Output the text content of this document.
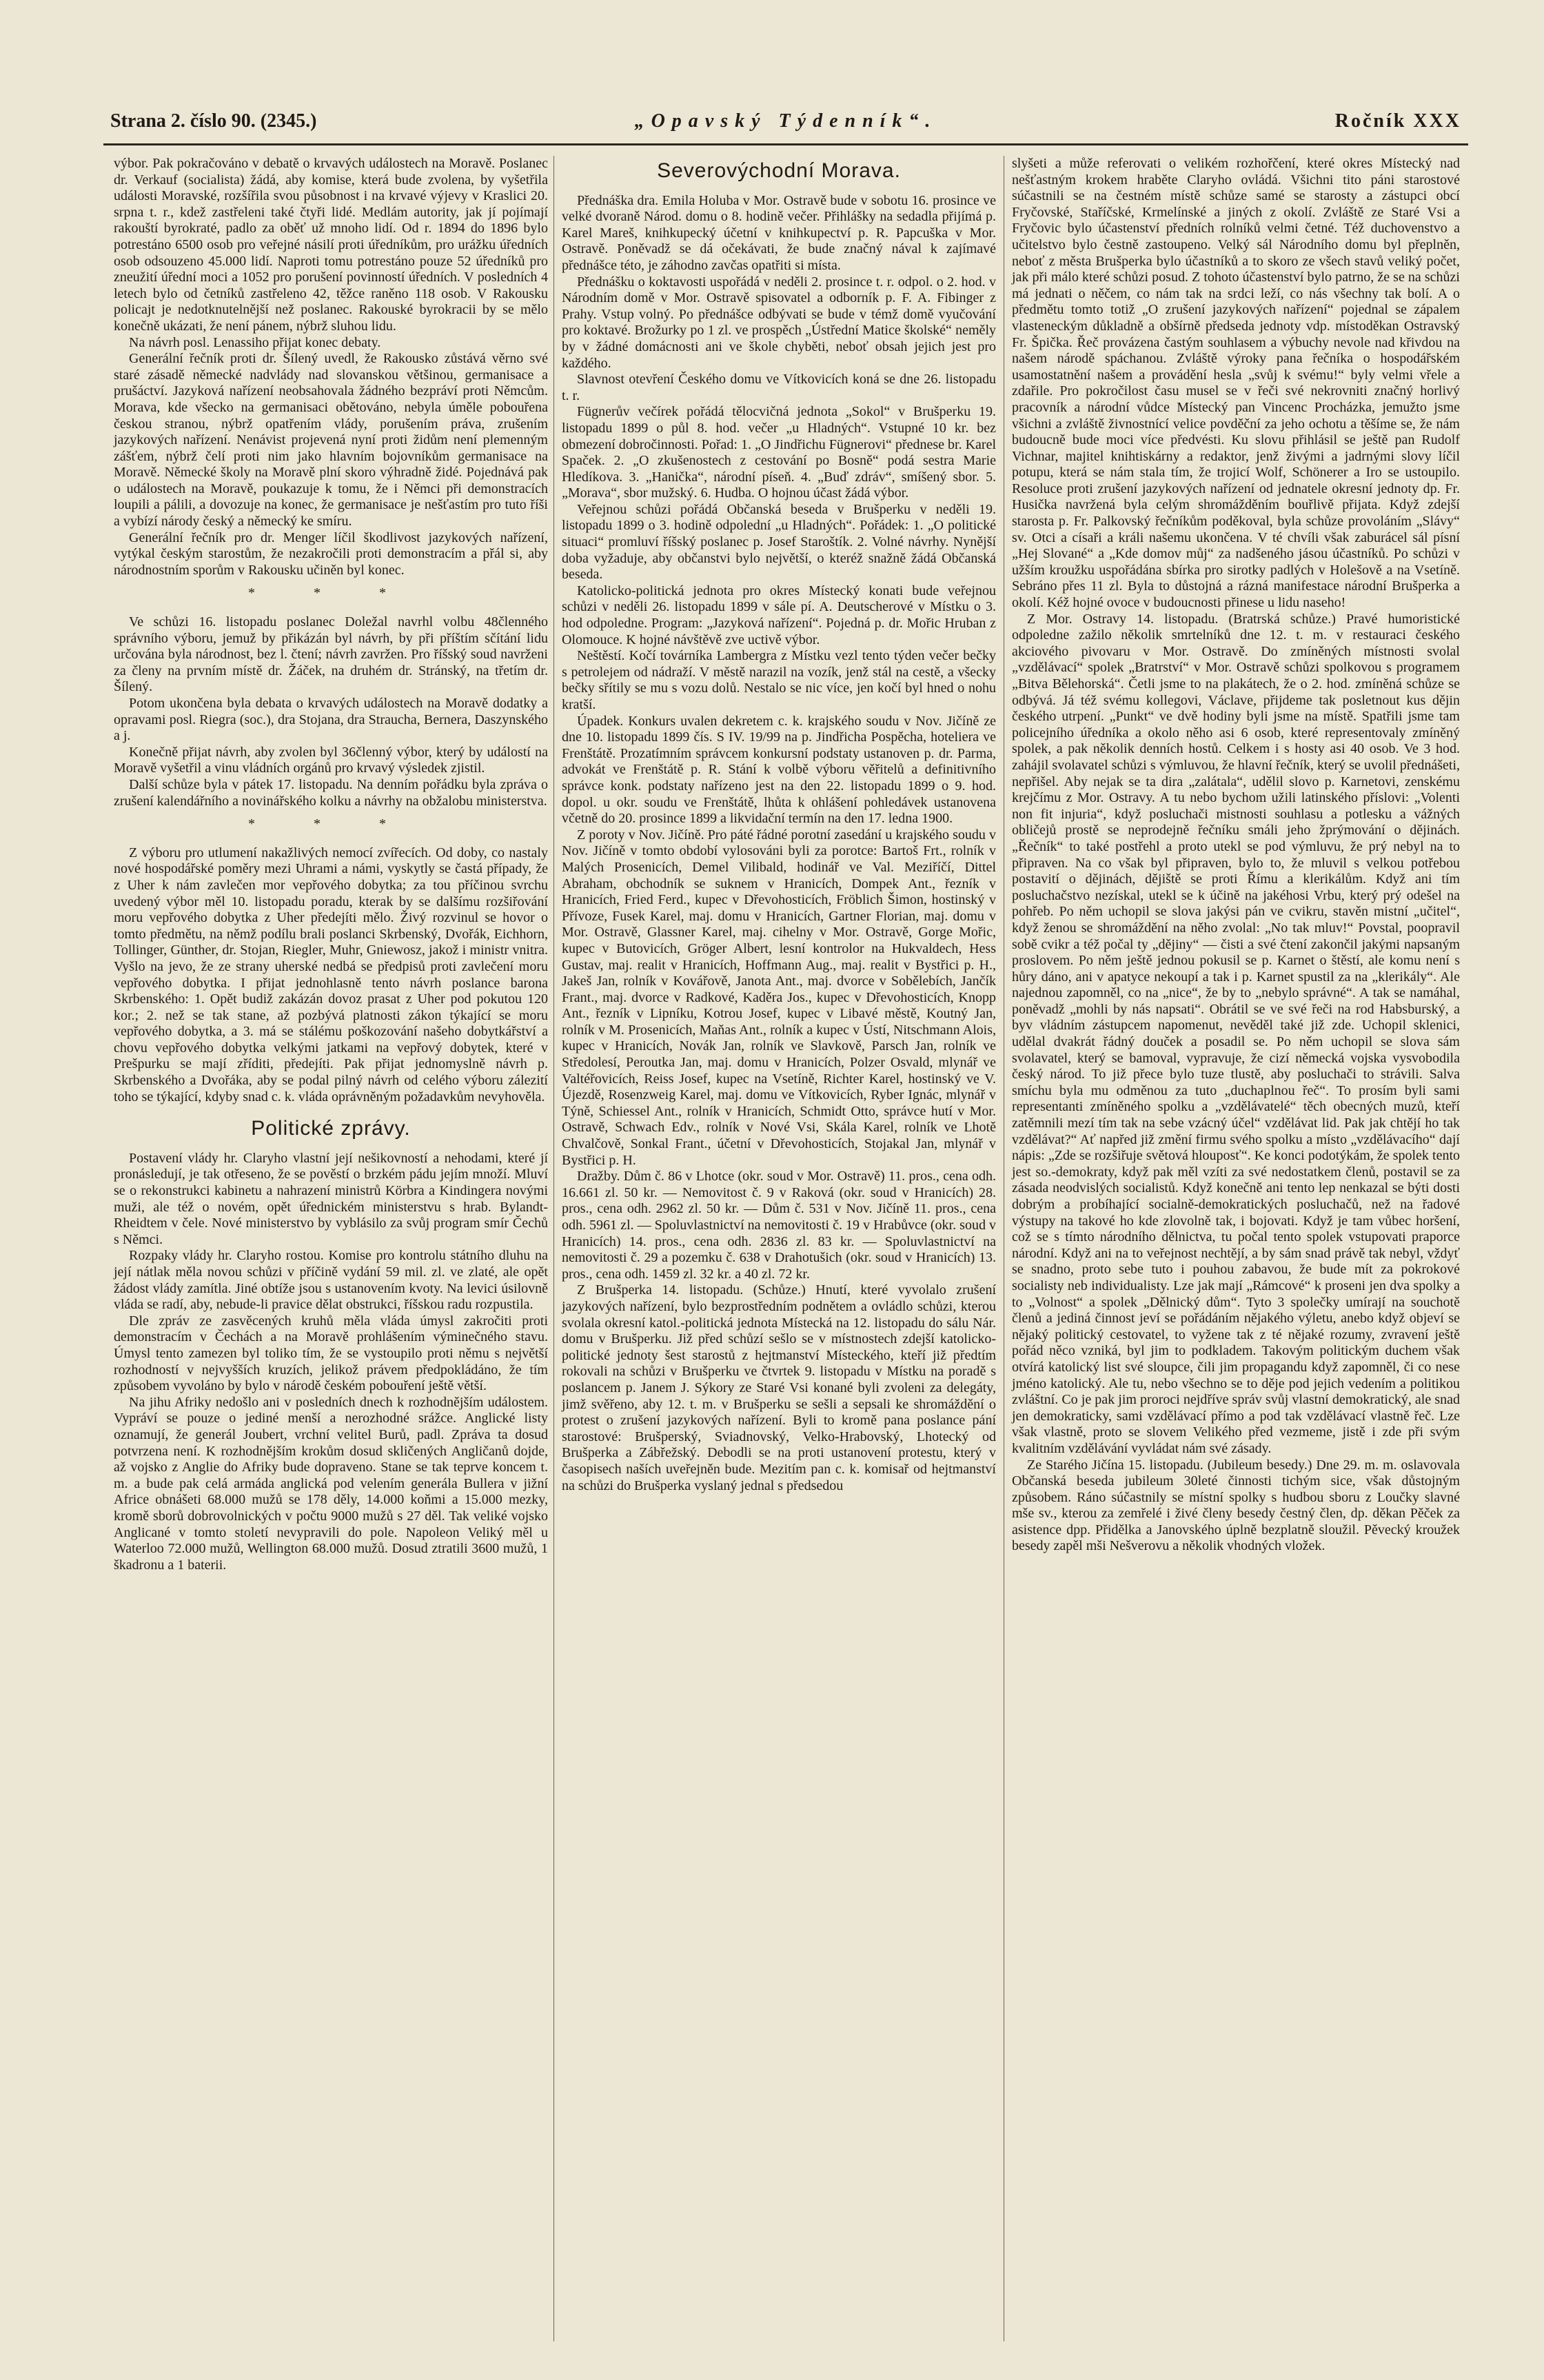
Strana 2. číslo 90. (2345.)	„Opavský Týdenník“.	Ročník XXX

výbor. Pak pokračováno v debatě o krvavých událostech na Moravě. Poslanec dr. Verkauf (socialista) žádá, aby komise, která bude zvolena, by vyšetřila události Moravské, rozšířila svou působnost i na krvavé výjevy v Kraslici 20. srpna t. r., kdež zastřeleni také čtyři lidé. Medlám autority, jak jí pojímají rakouští byrokraté, padlo za oběť už mnoho lidí. Od r. 1894 do 1896 bylo potrestáno 6500 osob pro veřejné násilí proti úředníkům, pro urážku úředních osob odsouzeno 45.000 lidí. Naproti tomu potrestáno pouze 52 úředníků pro zneužití úřední moci a 1052 pro porušení povinností úředních. V posledních 4 letech bylo od četníků zastřeleno 42, těžce raněno 118 osob. V Rakousku policajt je nedotknutelnější než poslanec. Rakouské byrokracii by se mělo konečně ukázati, že není pánem, nýbrž sluhou lidu.

Na návrh posl. Lenassiho přijat konec debaty.

Generální řečník proti dr. Šílený uvedl, že Rakousko zůstává věrno své staré zásadě německé nadvlády nad slovanskou většinou, germanisace a prušáctví. Jazyková nařízení neobsahovala žádného bezpráví proti Němcům. Morava, kde všecko na germanisaci obětováno, nebyla úměle pobouřena českou stranou, nýbrž opatřením vlády, porušením práva, zrušením jazykových nařízení. Nenávist projevená nyní proti židům není plemenným zášťem, nýbrž čelí proti nim jako hlavním bojovníkům germanisace na Moravě. Německé školy na Moravě plní skoro výhradně židé. Pojednává pak o událostech na Moravě, poukazuje k tomu, že i Němci při demonstracích loupili a pálili, a dovozuje na konec, že germanisace je nešťastím pro tuto říši a vybízí národy český a německý ke smíru.

Generální řečník pro dr. Menger líčil škodlivost jazykových nařízení, vytýkal českým starostům, že nezakročili proti demonstracím a přál si, aby národnostním sporům v Rakousku učiněn byl konec.

* * *

Ve schůzi 16. listopadu poslanec Doležal navrhl volbu 48členného správního výboru, jemuž by přikázán byl návrh, by při příštím sčítání lidu určována byla národnost, bez l. čtení; návrh zavržen. Pro říšský soud navrženi za členy na prvním místě dr. Žáček, na druhém dr. Stránský, na třetím dr. Šílený.

Potom ukončena byla debata o krvavých událostech na Moravě dodatky a opravami posl. Riegra (soc.), dra Stojana, dra Straucha, Bernera, Daszynského a j.

Konečně přijat návrh, aby zvolen byl 36členný výbor, který by událostí na Moravě vyšetřil a vinu vládních orgánů pro krvavý výsledek zjistil.

Další schůze byla v pátek 17. listopadu. Na denním pořádku byla zpráva o zrušení kalendářního a novinářského kolku a návrhy na obžalobu ministerstva.

* * *

Z výboru pro utlumení nakažlivých nemocí zvířecích. Od doby, co nastaly nové hospodářské poměry mezi Uhrami a námi, vyskytly se častá případy, že z Uher k nám zavlečen mor vepřového dobytka; za tou příčinou svrchu uvedený výbor měl 10. listopadu poradu, kterak by se dalšímu rozšiřování moru vepřového dobytka z Uher předejíti mělo. Živý rozvinul se hovor o tomto předmětu, na němž podílu brali poslanci Skrbenský, Dvořák, Eichhorn, Tollinger, Günther, dr. Stojan, Riegler, Muhr, Gniewosz, jakož i ministr vnitra. Vyšlo na jevo, že ze strany uherské nedbá se předpisů proti zavlečení moru vepřového dobytka. I přijat jednohlasně tento návrh poslance barona Skrbenského: 1. Opět budiž zakázán dovoz prasat z Uher pod pokutou 120 kor.; 2. než se tak stane, až pozbývá platnosti zákon týkající se moru vepřového dobytka, a 3. má se stálému poškozování našeho dobytkářství a chovu vepřového dobytka velkými jatkami na vepřový dobytek, které v Prešpurku se mají zříditi, předejíti. Pak přijat jednomyslně návrh p. Skrbenského a Dvořáka, aby se podal pilný návrh od celého výboru zálezití toho se týkající, kdyby snad c. k. vláda oprávněným požadavkům nevyhověla.

Politické zprávy.

Postavení vlády hr. Claryho vlastní její nešikovností a nehodami, které jí pronásledují, je tak otřeseno, že se pověstí o brzkém pádu jejím množí. Mluví se o rekonstrukci kabinetu a nahrazení ministrů Körbra a Kindingera novými muži, ale též o novém, opět úřednickém ministerstvu s hrab. Bylandt-Rheidtem v čele. Nové ministerstvo by vyblásilo za svůj program smír Čechů s Němci.

Rozpaky vlády hr. Claryho rostou. Komise pro kontrolu státního dluhu na její nátlak měla novou schůzi v příčině vydání 59 mil. zl. ve zlaté, ale opět žádost vlády zamítla. Jiné obtíže jsou s ustanovením kvoty. Na levici úsilovně vláda se radí, aby, nebude-li pravice dělat obstrukci, říšskou radu rozpustila.

Dle zpráv ze zasvěcených kruhů měla vláda úmysl zakročiti proti demonstracím v Čechách a na Moravě prohlášením výminečného stavu. Úmysl tento zamezen byl toliko tím, že se vystoupilo proti němu s největší rozhodností v nejvyšších kruzích, jelikož právem předpokládáno, že tím způsobem vyvoláno by bylo v národě českém pobouření ještě větší.

Na jihu Afriky nedošlo ani v posledních dnech k rozhodnějším událostem. Vypráví se pouze o jediné menší a nerozhodné srážce. Anglické listy oznamují, že generál Joubert, vrchní velitel Burů, padl. Zpráva ta dosud potvrzena není. K rozhodnějším krokům dosud skličených Angličanů dojde, až vojsko z Anglie do Afriky bude dopraveno. Stane se tak teprve koncem t. m. a bude pak celá armáda anglická pod velením generála Bullera v jižní Africe obnášeti 68.000 mužů se 178 děly, 14.000 koňmi a 15.000 mezky, kromě sborů dobrovolnických v počtu 9000 mužů s 27 děl. Tak veliké vojsko Anglicané v tomto století nevypravili do pole. Napoleon Veliký měl u Waterloo 72.000 mužů, Wellington 68.000 mužů. Dosud ztratili 3600 mužů, 1 škadronu a 1 baterii.

Severovýchodní Morava.

Přednáška dra. Emila Holuba v Mor. Ostravě bude v sobotu 16. prosince ve velké dvoraně Národ. domu o 8. hodině večer. Přihlášky na sedadla přijímá p. Karel Mareš, knihkupecký účetní v knihkupectví p. R. Papcuška v Mor. Ostravě. Poněvadž se dá očekávati, že bude značný nával k zajímavé přednášce této, je záhodno zavčas opatřiti si místa.

Přednášku o koktavosti uspořádá v neděli 2. prosince t. r. odpol. o 2. hod. v Národním domě v Mor. Ostravě spisovatel a odborník p. F. A. Fibinger z Prahy. Vstup volný. Po přednášce odbývati se bude v témž domě vyučování pro koktavé. Brožurky po 1 zl. ve prospěch „Ústřední Matice školské“ neměly by v žádné domácnosti ani ve škole chyběti, neboť obsah jejich jest pro každého.

Slavnost otevření Českého domu ve Vítkovicích koná se dne 26. listopadu t. r.

Fügnerův večírek pořádá tělocvičná jednota „Sokol“ v Brušperku 19. listopadu 1899 o půl 8. hod. večer „u Hladných“. Vstupné 10 kr. bez obmezení dobročinnosti. Pořad: 1. „O Jindřichu Fügnerovi“ přednese br. Karel Spaček. 2. „O zkušenostech z cestování po Bosně“ podá sestra Marie Hledíkova. 3. „Hanička“, národní píseň. 4. „Buď zdráv“, smíšený sbor. 5. „Morava“, sbor mužský. 6. Hudba. O hojnou účast žádá výbor.

Veřejnou schůzi pořádá Občanská beseda v Brušperku v neděli 19. listopadu 1899 o 3. hodině odpolední „u Hladných“. Pořádek: 1. „O politické situaci“ promluví říšský poslanec p. Josef Staroštík. 2. Volné návrhy. Nynější doba vyžaduje, aby občanstvi bylo největší, o kteréž snažně žádá Občanská beseda.

Katolicko-politická jednota pro okres Místecký konati bude veřejnou schůzi v neděli 26. listopadu 1899 v sále pí. A. Deutscherové v Místku o 3. hod odpoledne. Program: „Jazyková nařízení“. Pojedná p. dr. Mořic Hruban z Olomouce. K hojné návštěvě zve uctivě výbor.

Neštěstí. Kočí továrníka Lambergra z Místku vezl tento týden večer bečky s petrolejem od nádraží. V městě narazil na vozík, jenž stál na cestě, a všecky bečky sřítily se mu s vozu dolů. Nestalo se nic více, jen kočí byl hned o nohu kratší.

Úpadek. Konkurs uvalen dekretem c. k. krajského soudu v Nov. Jičíně ze dne 10. listopadu 1899 čís. S IV. 19/99 na p. Jindřicha Pospěcha, hoteliera ve Frenštátě. Prozatímním správcem konkursní podstaty ustanoven p. dr. Parma, advokát ve Frenštátě p. R. Stání k volbě výboru věřitelů a definitivního správce konk. podstaty nařízeno jest na den 22. listopadu 1899 o 9. hod. dopol. u okr. soudu ve Frenštátě, lhůta k ohlášení pohledávek ustanovena včetně do 20. prosince 1899 a likvidační termín na den 17. ledna 1900.

Z poroty v Nov. Jičíně. Pro páté řádné porotní zasedání u krajského soudu v Nov. Jičíně v tomto období vylosováni byli za porotce: Bartoš Frt., rolník v Malých Prosenicích, Demel Vilibald, hodinář ve Val. Meziříčí, Dittel Abraham, obchodník se suknem v Hranicích, Dompek Ant., řezník v Hranicích, Fried Ferd., kupec v Dřevohosticích, Fröblich Šimon, hostinský v Přívoze, Fusek Karel, maj. domu v Hranicích, Gartner Florian, maj. domu v Mor. Ostravě, Glassner Karel, maj. cihelny v Mor. Ostravě, Gorge Mořic, kupec v Butovicích, Gröger Albert, lesní kontrolor na Hukvaldech, Hess Gustav, maj. realit v Hranicích, Hoffmann Aug., maj. realit v Bystřici p. H., Jakeš Jan, rolník v Kovářově, Janota Ant., maj. dvorce v Sobělebích, Jančík Frant., maj. dvorce v Radkové, Kaděra Jos., kupec v Dřevohosticích, Knopp Ant., řezník v Lipníku, Kotrou Josef, kupec v Libavé městě, Koutný Jan, rolník v M. Prosenicích, Maňas Ant., rolník a kupec v Ústí, Nitschmann Alois, kupec v Hranicích, Novák Jan, rolník ve Slavkově, Parsch Jan, rolník ve Středolesí, Peroutka Jan, maj. domu v Hranicích, Polzer Osvald, mlynář ve Valtéřovicích, Reiss Josef, kupec na Vsetíně, Richter Karel, hostinský ve V. Újezdě, Rosenzweig Karel, maj. domu ve Vítkovicích, Ryber Ignác, mlynář v Týně, Schiessel Ant., rolník v Hranicích, Schmidt Otto, správce hutí v Mor. Ostravě, Schwach Edv., rolník v Nové Vsi, Skála Karel, rolník ve Lhotě Chvalčově, Sonkal Frant., účetní v Dřevohosticích, Stojakal Jan, mlynář v Bystřici p. H.

Dražby. Dům č. 86 v Lhotce (okr. soud v Mor. Ostravě) 11. pros., cena odh. 16.661 zl. 50 kr. — Nemovitost č. 9 v Raková (okr. soud v Hranicích) 28. pros., cena odh. 2962 zl. 50 kr. — Dům č. 531 v Nov. Jičíně 11. pros., cena odh. 5961 zl. — Spoluvlastnictví na nemovitosti č. 19 v Hrabůvce (okr. soud v Hranicích) 14. pros., cena odh. 2836 zl. 83 kr. — Spoluvlastnictví na nemovitosti č. 29 a pozemku č. 638 v Drahotušich (okr. soud v Hranicích) 13. pros., cena odh. 1459 zl. 32 kr. a 40 zl. 72 kr.

Z Brušperka 14. listopadu. (Schůze.) Hnutí, které vyvolalo zrušení jazykových nařízení, bylo bezprostředním podnětem a ovládlo schůzi, kterou svolala okresní katol.-politická jednota Místecká na 12. listopadu do sálu Nár. domu v Brušperku. Již před schůzí sešlo se v místnostech zdejší katolicko-politické jednoty šest starostů z hejtmanství Místeckého, kteří již předtím rokovali na schůzi v Brušperku ve čtvrtek 9. listopadu v Místku na poradě s poslancem p. Janem J. Sýkory ze Staré Vsi konané byli zvoleni za delegáty, jimž svěřeno, aby 12. t. m. v Brušperku se sešli a sepsali ke shromáždění o protest o zrušení jazykových nařízení. Byli to kromě pana poslance pání starostové: Brušperský, Sviadnovský, Velko-Hrabovský, Lhotecký od Brušperka a Zábřežský. Debodli se na proti ustanovení protestu, který v časopisech naších uveřejněn bude. Mezitím pan c. k. komisař od hejtmanství na schůzi do Brušperka vyslaný jednal s předsedou

slyšeti a může referovati o velikém rozhořčení, které okres Místecký nad nešťastným krokem hraběte Claryho ovládá. Všichni tito páni starostové súčastnili se na čestném místě schůze samé se starosty a zástupci obcí Fryčovské, Staříčské, Krmelínské a jiných z okolí. Zvláště ze Staré Vsi a Fryčovic bylo účastenství předních rolníků velmi četné. Též duchovenstvo a učitelstvo bylo čestně zastoupeno. Velký sál Národního domu byl přeplněn, neboť z města Brušperka bylo účastníků a to skoro ze všech stavů veliký počet, jak při málo které schůzi posud. Z tohoto účastenství bylo patrno, že se na schůzi má jednati o něčem, co nám tak na srdci leží, co nás všechny tak bolí. A o předmětu tomto totiž „O zrušení jazykových nařízení“ pojednal se zápalem vlasteneckým důkladně a obšírně předseda jednoty vdp. místoděkan Ostravský Fr. Špička. Řeč provázena častým souhlasem a výbuchy nevole nad křivdou na našem národě spáchanou. Zvláště výroky pana řečníka o hospodářském usamostatnění našem a provádění hesla „svůj k svému!“ byly velmi vřele a zdařile. Pro pokročilost času musel se v řeči své nekrovniti značný horlivý pracovník a národní vůdce Místecký pan Vincenc Procházka, jemužto jsme všichni a zvláště živnostnící velice povděční za jeho ochotu a těšíme se, že nám budoucně bude moci více předvésti. Ku slovu přihlásil se ještě pan Rudolf Vichnar, majitel knihtiskárny a redaktor, jenž živými a jadrnými slovy líčil potupu, která se nám stala tím, že trojicí Wolf, Schönerer a Iro se ustoupilo. Resoluce proti zrušení jazykových nařízení od jednatele okresní jednoty dp. Fr. Husička navržená byla celým shromážděním bouřlivě přijata. Když zdejší starosta p. Fr. Palkovský řečníkům poděkoval, byla schůze provoláním „Slávy“ sv. Otci a císaři a králi našemu ukončena. V té chvíli však zaburácel sál písní „Hej Slované“ a „Kde domov můj“ za nadšeného jásou účastníků. Po schůzi v užším kroužku uspořádána sbírka pro sirotky padlých v Holešově a na Vsetíně. Sebráno přes 11 zl. Byla to důstojná a rázná manifestace národní Brušperka a okolí. Kéž hojné ovoce v budoucnosti přinese u lidu naseho!

Z Mor. Ostravy 14. listopadu. (Bratrská schůze.) Pravé humoristické odpoledne zažilo několik smrtelníků dne 12. t. m. v restauraci českého akciového pivovaru v Mor. Ostravě. Do zmíněných místnosti svolal „vzdělávací“ spolek „Bratrství“ v Mor. Ostravě schůzi spolkovou s programem „Bitva Bělehorská“. Četli jsme to na plakátech, že o 2. hod. zmíněná schůze se odbývá. Já též svému kollegovi, Václave, přijdeme tak posletnout kus dějin českého utrpení. „Punkt“ ve dvě hodiny byli jsme na místě. Spatřili jsme tam policejního úředníka a okolo něho asi 6 osob, které representovaly zmíněný spolek, a pak několik denních hostů. Celkem i s hosty asi 40 osob. Ve 3 hod. zahájil svolavatel schůzi s výmluvou, že hlavní řečník, který se uvolil přednášeti, nepřišel. Aby nejak se ta dira „zalátala“, udělil slovo p. Karnetovi, zenskému krejčímu z Mor. Ostravy. A tu nebo bychom užili latinského příslovi: „Volenti non fit injuria“, když posluchači mistnosti souhlasu a potlesku a vážných obličejů prostě se neprodejně řečníku smáli jeho žprýmování o dějinách. „Řečník“ to také postřehl a proto utekl se pod výmluvu, že prý nebyl na to připraven. Na co však byl připraven, bylo to, že mluvil s velkou potřebou postavití o dějinách, dějiště se proti Římu a klerikálům. Když ani tím posluchačstvo nezískal, utekl se k účině na jakéhosi Vrbu, který prý odešel na pohřeb. Po něm uchopil se slova jakýsi pán ve cvikru, stavěn mistní „učitel“, když ženou se shromáždění na něho zvolal: „No tak mluv!“ Povstal, poopravil sobě cvikr a též počal ty „dějiny“ — čisti a své čtení zakončil jakými napsaným proslovem. Po něm ještě jednou pokusil se p. Karnet o štěstí, ale komu není s hůry dáno, ani v apatyce nekoupí a tak i p. Karnet spustil za na „klerikály“. Ale najednou zapomněl, co na „nice“, že by to „nebylo správné“. A tak se namáhal, poněvadž „mohli by nás napsati“. Obrátil se ve své řeči na rod Habsburský, a byv vládním zástupcem napomenut, nevěděl také již zde. Uchopil sklenici, udělal dvakrát řádný douček a posadil se. Po něm uchopil se slova sám svolavatel, který se bamoval, vypravuje, že cizí německá vojska vysvobodila český národ. To již přece bylo tuze tlustě, aby posluchači to strávili. Salva smíchu byla mu odměnou za tuto „duchaplnou řeč“. To prosím byli sami representanti zmíněného spolku a „vzdělávatelé“ těch obecných muzů, kteří zatěmnili mezí tím tak na sebe vzácný účel“ vzdělávat lid. Pak jak chtějí ho tak vzdělávat?“ Ať napřed již změní firmu svého spolku a místo „vzdělávacího“ dají nápis: „Zde se rozšiřuje světová hlouposť“. Ke konci podotýkám, že spolek tento jest so.-demokraty, když pak měl vzíti za své nedostatkem členů, postavil se za zásada neodvislých socialistů. Když konečně ani tento lep nenkazal se býti dosti dobrým a probíhající socialně-demokratických posluchačů, než na řadové výstupy na takové ho kde zlovolně tak, i bojovati. Když je tam vůbec horšení, což se s tímto národního dělnictva, tu počal tento spolek vstupovati praporce národní. Když ani na to veřejnost nechtějí, a by sám snad právě tak nebyl, vždyť se snadno, proto sebe tuto i pouhou zabavou, že bude mít za pokrokové socialisty neb individualisty. Lze jak mají „Rámcové“ k proseni jen dva spolky a to „Volnost“ a spolek „Dělnický dům“. Tyto 3 společky umírají na souchotě členů a jediná činnost jeví se pořádáním nějakého výletu, anebo když objeví se nějaký politický cestovatel, to vyžene tak z té nějaké rozumy, zvravení ještě pořád něco vzniká, byl jim to podkladem. Takovým politickým duchem však otvírá katolický list své sloupce, čili jim propagandu když zapomněl, či co nese jméno katolický. Ale tu, nebo všechno se to děje pod jejich vedením a politikou zvláštní. Co je pak jim proroci nejdříve správ svůj vlastní demokratický, ale snad jen demokraticky, sami vzdělávací přímo a pod tak vzdělávací vlastně řeč. Lze však vlastně, proto se slovem Velikého před vezmeme, jistě i zde při svým kvalitním vzdělávání vyvládat nám své zásady.

Ze Starého Jičína 15. listopadu. (Jubileum besedy.) Dne 29. m. m. oslavovala Občanská beseda jubileum 30leté činnosti tichým sice, však důstojným způsobem. Ráno súčastnily se místní spolky s hudbou sboru z Loučky slavné mše sv., kterou za zemřelé i živé členy besedy čestný člen, dp. děkan Pěček za asistence dpp. Přidělka a Janovského úplně bezplatně sloužil. Pěvecký kroužek besedy zapěl mši Nešverovu a několik vhodných vložek.
